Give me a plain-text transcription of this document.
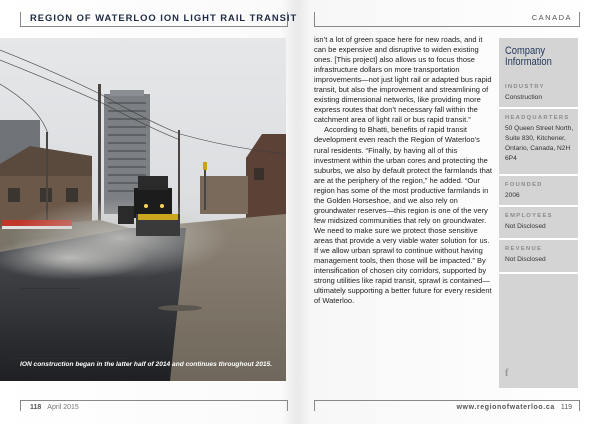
REGION OF WATERLOO ION LIGHT RAIL TRANSIT
ION construction began in the latter half of 2014 and continues throughout 2015.
118 April 2015
CANADA

isn’t a lot of green space here for new roads, and it can be expensive and disruptive to widen existing ones. [This project] also allows us to focus those infrastructure dollars on more transportation improvements—not just light rail or adapted bus rapid transit, but also the improvement and streamlining of existing dimensional networks, like providing more express routes that don’t necessary fall within the catchment area of light rail or bus rapid transit.”

According to Bhatti, benefits of rapid transit development even reach the Region of Waterloo’s rural residents. “Finally, by having all of this investment within the urban cores and protecting the suburbs, we also by default protect the farmlands that are at the periphery of the region,” he added. “Our region has some of the most productive farmlands in the Golden Horseshoe, and we also rely on groundwater reserves—this region is one of the very few midsized communities that rely on groundwater. We need to make sure we protect those sensitive areas that provide a very viable water solution for us. If we allow urban sprawl to continue without having management tools, then those will be impacted.” By intensification of chosen city corridors, supported by strong utilities like rapid transit, sprawl is contained—ultimately supporting a better future for every resident of Waterloo.

Company
Information
INDUSTRY
Construction
HEADQUARTERS
50 Queen Street North, Suite 830, Kitchener, Ontario, Canada, N2H 6P4
FOUNDED
2006
EMPLOYEES
Not Disclosed
REVENUE
Not Disclosed
f
www.regionofwaterloo.ca 119
